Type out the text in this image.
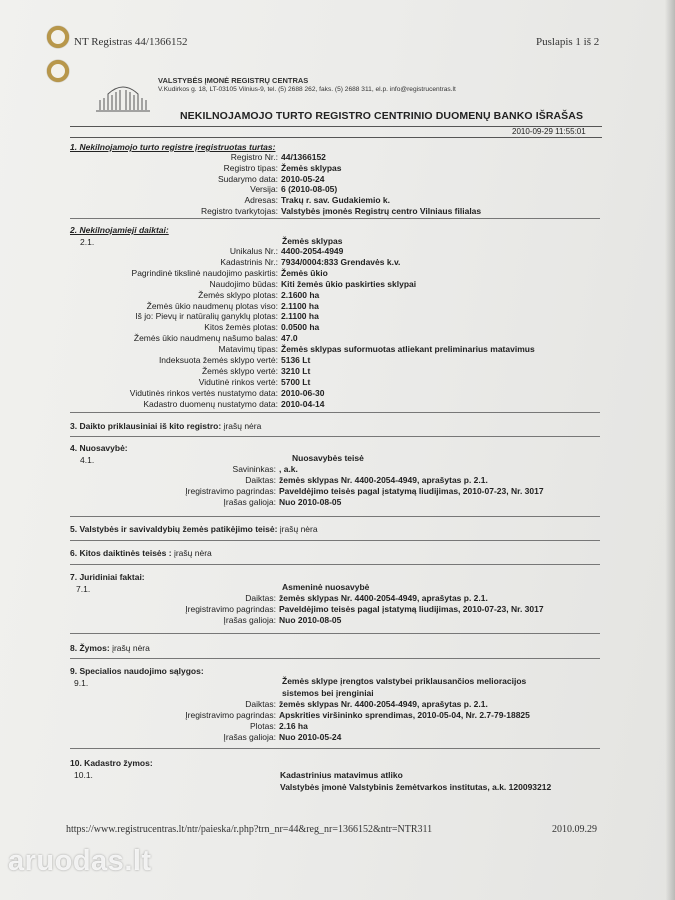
NT Registras 44/1366152	Puslapis 1 iš 2
VALSTYBĖS ĮMONĖ REGISTRŲ CENTRAS
V.Kudirkos g. 18, LT-03105 Vilnius-9, tel. (5) 2688 262, faks. (5) 2688 311, el.p. info@registrucentras.lt
NEKILNOJAMOJO TURTO REGISTRO CENTRINIO DUOMENŲ BANKO IŠRAŠAS
2010-09-29 11:55:01
1. Nekilnojamojo turto registre įregistruotas turtas:
Registro Nr.: 44/1366152
Registro tipas: Žemės sklypas
Sudarymo data: 2010-05-24
Versija: 6 (2010-08-05)
Adresas: Trakų r. sav. Gudakiemio k.
Registro tvarkytojas: Valstybės įmonės Registrų centro Vilniaus filialas
2. Nekilnojamieji daiktai:
2.1.	Žemės sklypas
Unikalus Nr.: 4400-2054-4949
Kadastrinis Nr.: 7934/0004:833 Grendavės k.v.
Pagrindinė tikslinė naudojimo paskirtis: Žemės ūkio
Naudojimo būdas: Kiti žemės ūkio paskirties sklypai
Žemės sklypo plotas: 2.1600 ha
Žemės ūkio naudmenų plotas viso: 2.1100 ha
Iš jo: Pievų ir natūralių ganyklų plotas: 2.1100 ha
Kitos žemės plotas: 0.0500 ha
Žemės ūkio naudmenų našumo balas: 47.0
Matavimų tipas: Žemės sklypas suformuotas atliekant preliminarius matavimus
Indeksuota žemės sklypo vertė: 5136 Lt
Žemės sklypo vertė: 3210 Lt
Vidutinė rinkos vertė: 5700 Lt
Vidutinės rinkos vertės nustatymo data: 2010-06-30
Kadastro duomenų nustatymo data: 2010-04-14
3. Daikto priklausiniai iš kito registro: įrašų nėra
4. Nuosavybė:
4.1.	Nuosavybės teisė
Savininkas: , a.k.
Daiktas: žemės sklypas Nr. 4400-2054-4949, aprašytas p. 2.1.
Įregistravimo pagrindas: Paveldėjimo teisės pagal įstatymą liudijimas, 2010-07-23, Nr. 3017
Įrašas galioja: Nuo 2010-08-05
5. Valstybės ir savivaldybių žemės patikėjimo teisė: įrašų nėra
6. Kitos daiktinės teisės : įrašų nėra
7. Juridiniai faktai:
7.1.	Asmeninė nuosavybė
Daiktas: žemės sklypas Nr. 4400-2054-4949, aprašytas p. 2.1.
Įregistravimo pagrindas: Paveldėjimo teisės pagal įstatymą liudijimas, 2010-07-23, Nr. 3017
Įrašas galioja: Nuo 2010-08-05
8. Žymos: įrašų nėra
9. Specialios naudojimo sąlygos:
9.1.	Žemės sklype įrengtos valstybei priklausančios melioracijos
sistemos bei įrenginiai
Daiktas: žemės sklypas Nr. 4400-2054-4949, aprašytas p. 2.1.
Įregistravimo pagrindas: Apskrities viršininko sprendimas, 2010-05-04, Nr. 2.7-79-18825
Plotas: 2.16 ha
Įrašas galioja: Nuo 2010-05-24
10. Kadastro žymos:
10.1.	Kadastrinius matavimus atliko
Valstybės įmonė Valstybinis žemėtvarkos institutas, a.k. 120093212
https://www.registrucentras.lt/ntr/paieska/r.php?trn_nr=44&reg_nr=1366152&ntr=NTR311	2010.09.29
aruodas.lt
